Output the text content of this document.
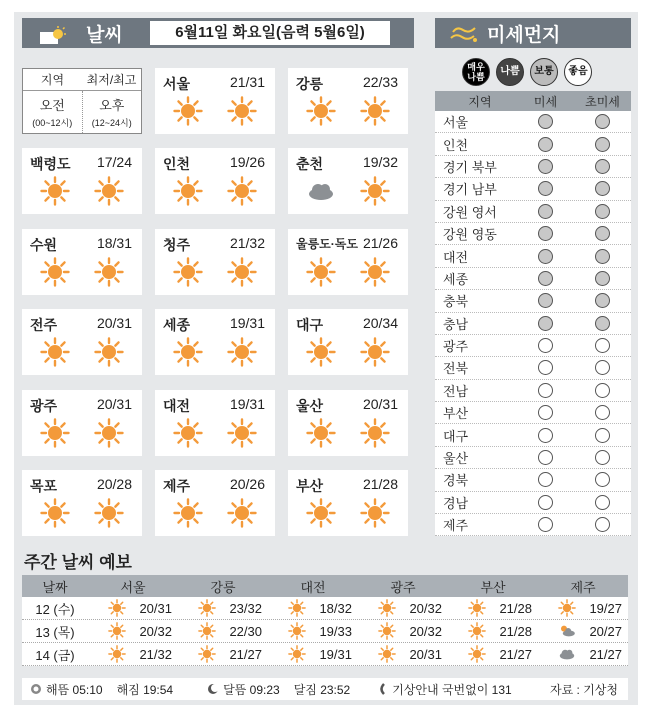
날씨	6월11일 화요일(음력 5월6일)	미세먼지
지역	최저/최고
오전
(00~12시)
오후
(12~24시)
서울	21/31 강릉	22/33
백령도 17/24 인천	19/26 춘천	19/32
수원	18/31 청주	21/32	울릉도·독도 21/26
전주	20/31 세종	19/31 대구	20/34
광주	20/31 대전	19/31 울산	20/31
목포	20/28 제주	20/26 부산	21/28
매우
나쁨	나쁨	보통	좋음
지역	미세	초미세
서울
인천
경기 북부
경기 남부
강원 영서
강원 영동
대전
세종
충북
충남
광주
전북
전남
부산
대구
울산
경북
경남
제주
주간 날씨 예보
날짜	서울	강릉	대전	광주	부산	제주
12 (수)	20/31	23/32	18/32	20/32	21/28	19/27
13 (목)	20/32	22/30	19/33	20/32	21/28	20/27
14 (금)	21/32	21/27	19/31	20/31	21/27	21/27
해뜸 05:10 해짐 19:54	달뜸 09:23 달짐 23:52	기상안내 국번없이 131	자료 : 기상청
